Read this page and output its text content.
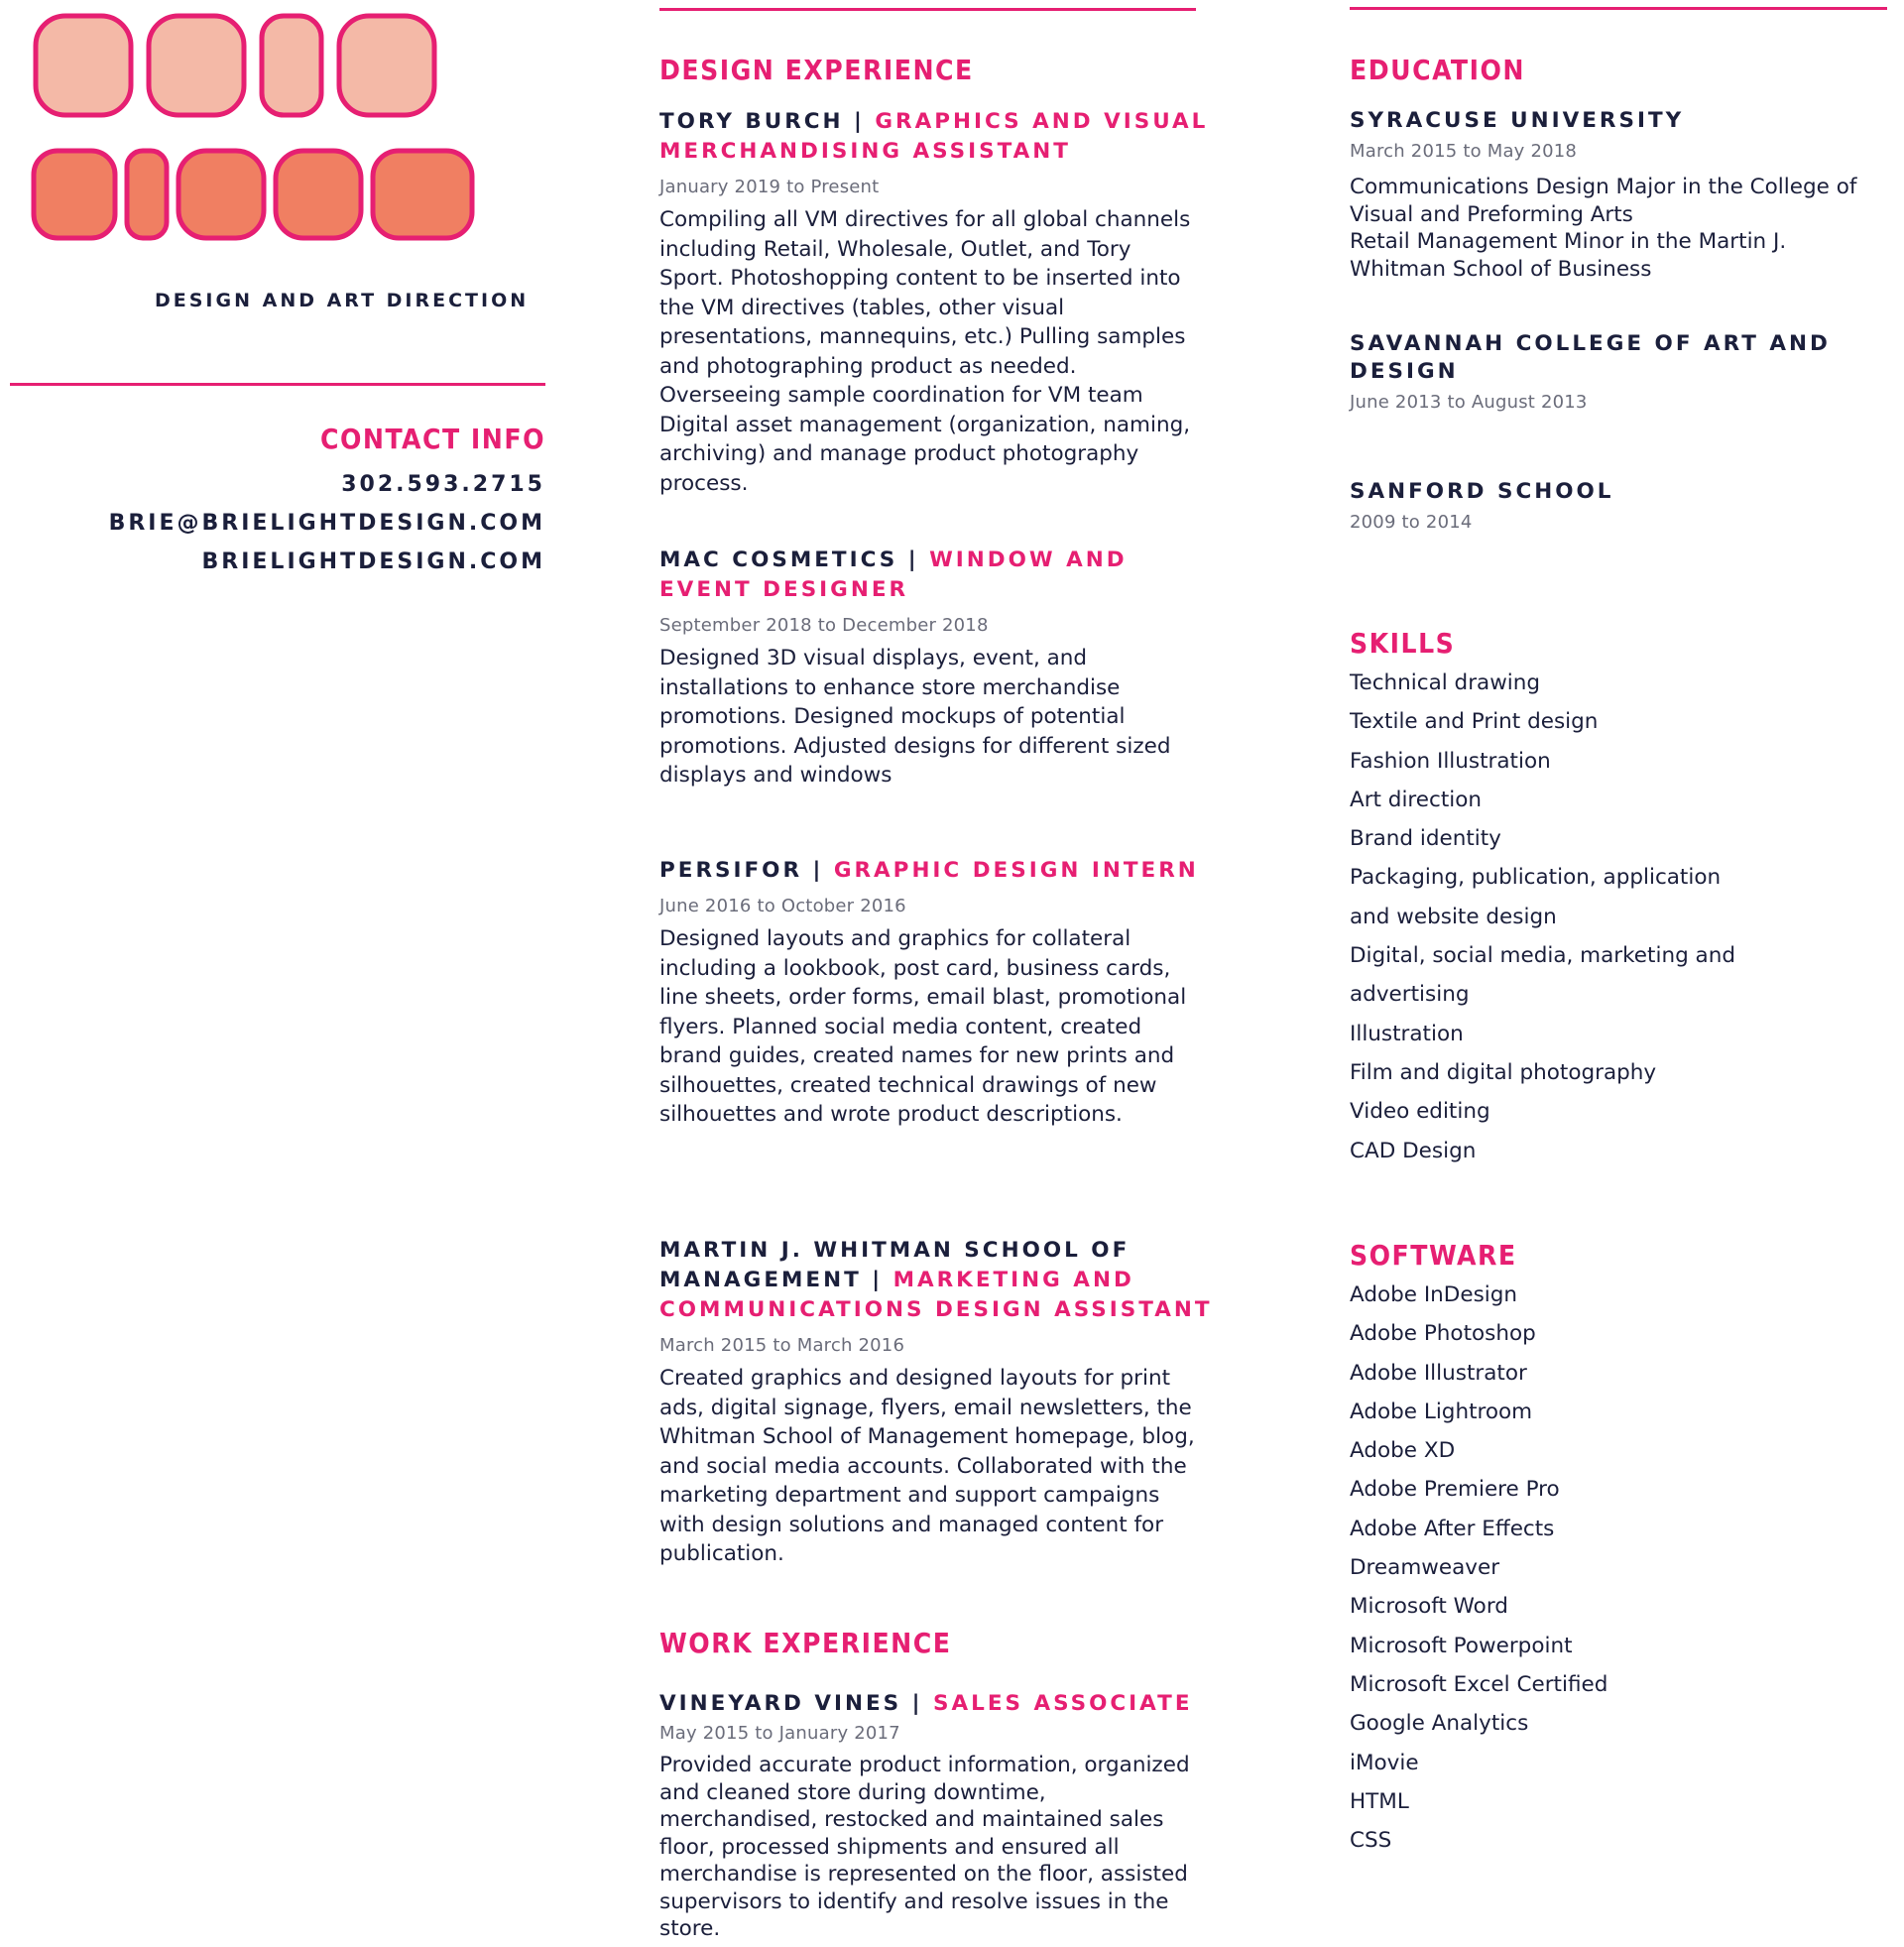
DESIGN AND ART DIRECTION
CONTACT INFO
302.593.2715
BRIE@BRIELIGHTDESIGN.COM
BRIELIGHTDESIGN.COM
DESIGN EXPERIENCE
TORY BURCH | GRAPHICS AND VISUAL MERCHANDISING ASSISTANT
January 2019 to Present
Compiling all VM directives for all global channels including Retail, Wholesale, Outlet, and Tory Sport. Photoshopping content to be inserted into the VM directives (tables, other visual presentations, mannequins, etc.) Pulling samples and photographing product as needed. Overseeing sample coordination for VM team Digital asset management (organization, naming, archiving) and manage product photography process.
MAC COSMETICS | WINDOW AND EVENT DESIGNER
September 2018 to December 2018
Designed 3D visual displays, event, and installations to enhance store merchandise promotions. Designed mockups of potential promotions. Adjusted designs for different sized displays and windows
PERSIFOR | GRAPHIC DESIGN INTERN
June 2016 to October 2016
Designed layouts and graphics for collateral including a lookbook, post card, business cards, line sheets, order forms, email blast, promotional flyers. Planned social media content, created brand guides, created names for new prints and silhouettes, created technical drawings of new silhouettes and wrote product descriptions.
MARTIN J. WHITMAN SCHOOL OF MANAGEMENT | MARKETING AND COMMUNICATIONS DESIGN ASSISTANT
March 2015 to March 2016
Created graphics and designed layouts for print ads, digital signage, flyers, email newsletters, the Whitman School of Management homepage, blog, and social media accounts. Collaborated with the marketing department and support campaigns with design solutions and managed content for publication.
WORK EXPERIENCE
VINEYARD VINES | SALES ASSOCIATE
May 2015 to January 2017
Provided accurate product information, organized and cleaned store during downtime, merchandised, restocked and maintained sales floor, processed shipments and ensured all merchandise is represented on the floor, assisted supervisors to identify and resolve issues in the store.
EDUCATION
SYRACUSE UNIVERSITY
March 2015 to May 2018
Communications Design Major in the College of Visual and Preforming Arts
Retail Management Minor in the Martin J. Whitman School of Business
SAVANNAH COLLEGE OF ART AND DESIGN
June 2013 to August 2013
SANFORD SCHOOL
2009 to 2014
SKILLS
Technical drawing
Textile and Print design
Fashion Illustration
Art direction
Brand identity
Packaging, publication, application
and website design
Digital, social media, marketing and
advertising
Illustration
Film and digital photography
Video editing
CAD Design
SOFTWARE
Adobe InDesign
Adobe Photoshop
Adobe Illustrator
Adobe Lightroom
Adobe XD
Adobe Premiere Pro
Adobe After Effects
Dreamweaver
Microsoft Word
Microsoft Powerpoint
Microsoft Excel Certified
Google Analytics
iMovie
HTML
CSS
